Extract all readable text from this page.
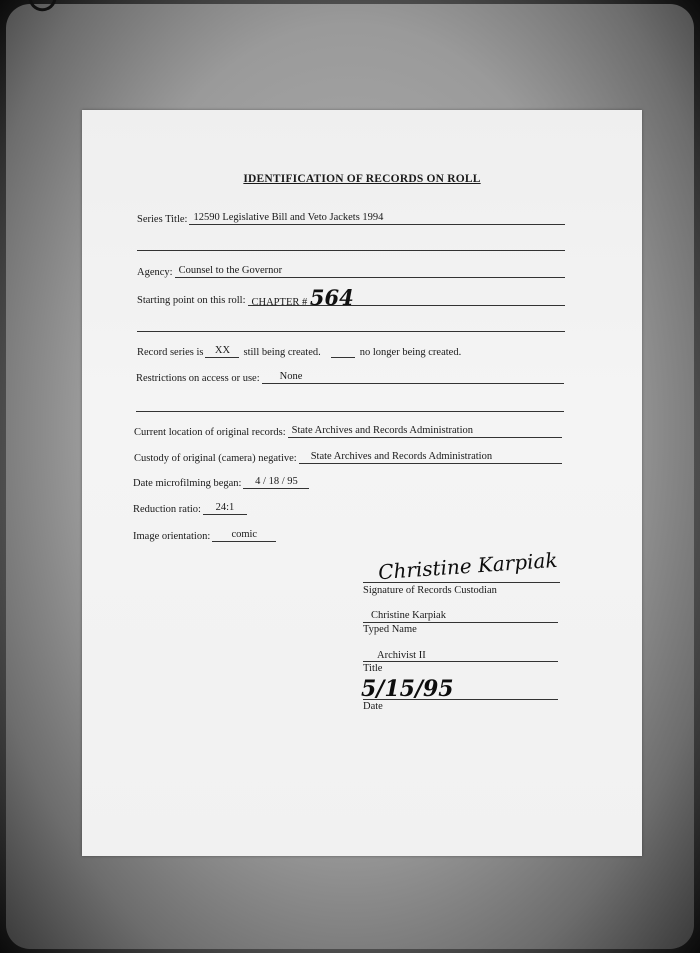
IDENTIFICATION OF RECORDS ON ROLL
Series Title: 12590 Legislative Bill and Veto Jackets 1994
Agency: Counsel to the Governor
Starting point on this roll: CHAPTER # 564
Record series is	XX	still being created.	no longer being created.
Restrictions on access or use:	None
Current location of original records: State Archives and Records Administration
Custody of original (camera) negative:	State Archives and Records Administration
Date microfilming began:	4 / 18 / 95
Reduction ratio:	24:1
Image orientation:	comic
Christine Karpiak
Signature of Records Custodian
Christine Karpiak
Typed Name
Archivist II
Title
5/15/95
Date
